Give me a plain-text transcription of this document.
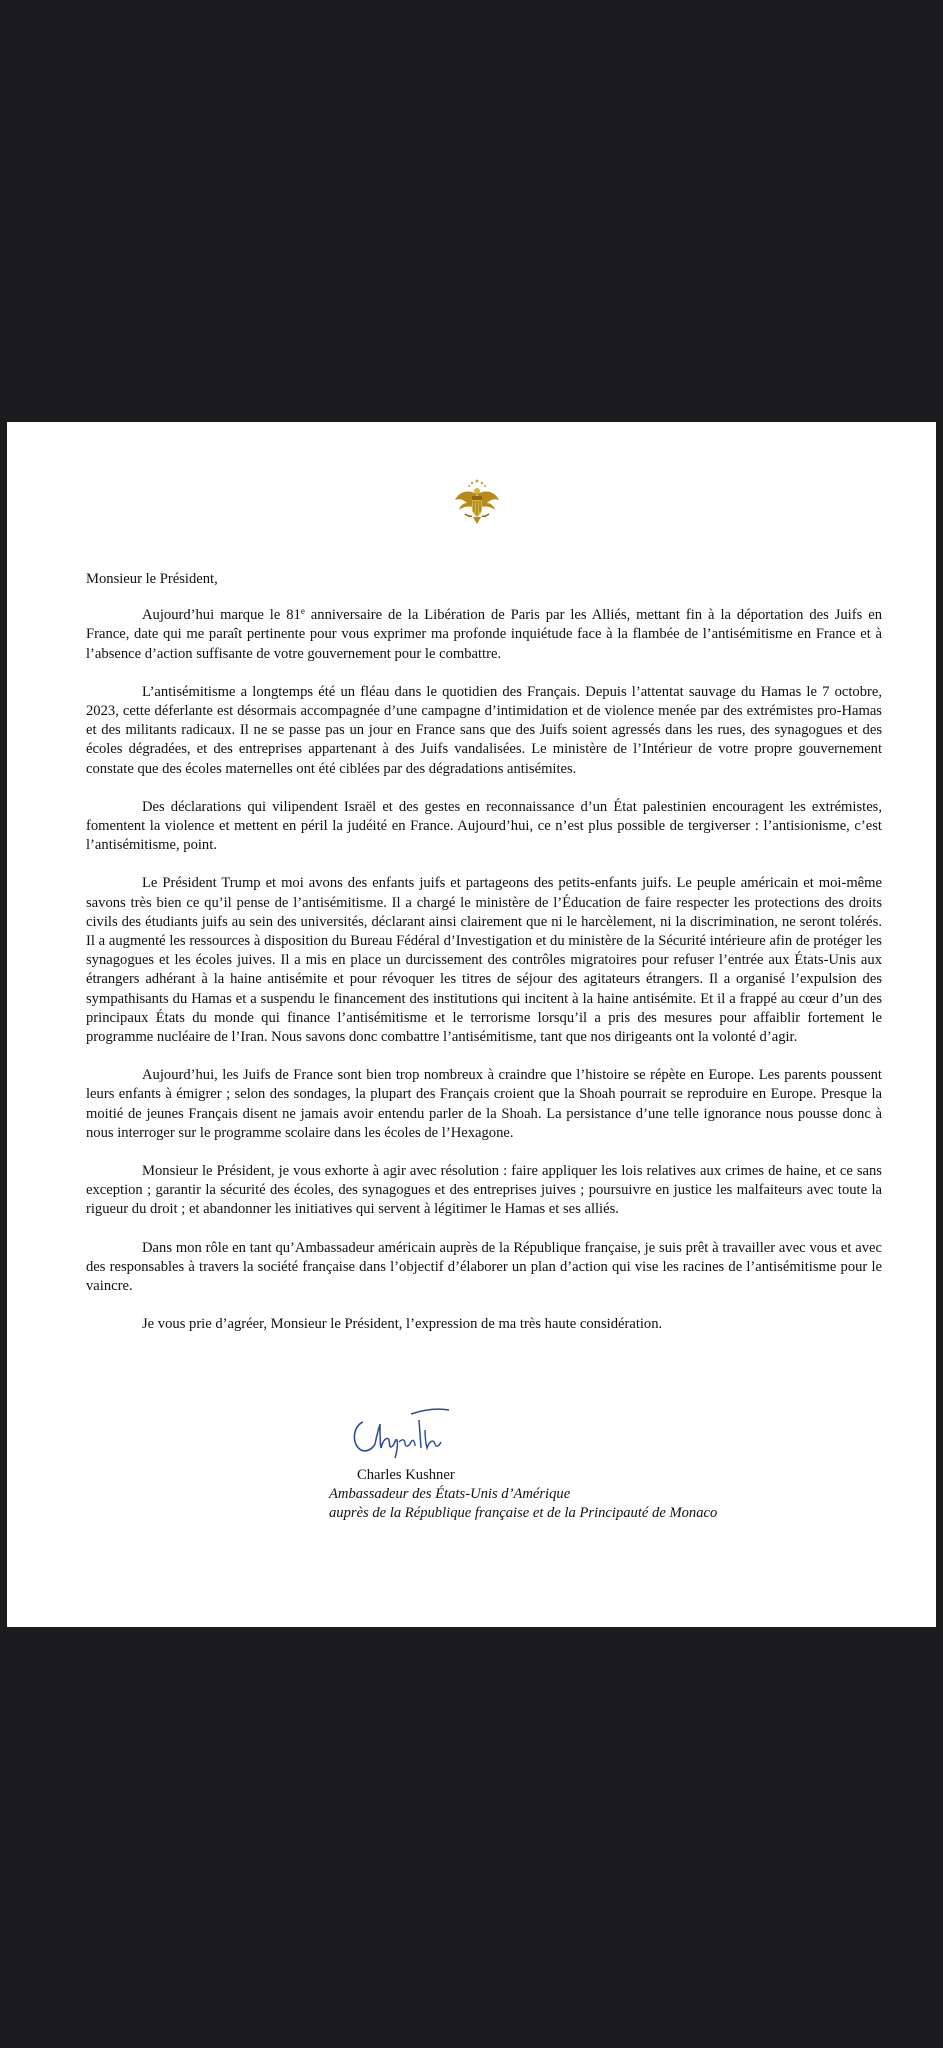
Monsieur le Président,

Aujourd’hui marque le 81e anniversaire de la Libération de Paris par les Alliés, mettant fin à la déportation des Juifs en France, date qui me paraît pertinente pour vous exprimer ma profonde inquiétude face à la flambée de l’antisémitisme en France et à l’absence d’action suffisante de votre gouvernement pour le combattre.

L’antisémitisme a longtemps été un fléau dans le quotidien des Français. Depuis l’attentat sauvage du Hamas le 7 octobre, 2023, cette déferlante est désormais accompagnée d’une campagne d’intimidation et de violence menée par des extrémistes pro-Hamas et des militants radicaux. Il ne se passe pas un jour en France sans que des Juifs soient agressés dans les rues, des synagogues et des écoles dégradées, et des entreprises appartenant à des Juifs vandalisées. Le ministère de l’Intérieur de votre propre gouvernement constate que des écoles maternelles ont été ciblées par des dégradations antisémites.

Des déclarations qui vilipendent Israël et des gestes en reconnaissance d’un État palestinien encouragent les extrémistes, fomentent la violence et mettent en péril la judéité en France. Aujourd’hui, ce n’est plus possible de tergiverser : l’antisionisme, c’est l’antisémitisme, point.

Le Président Trump et moi avons des enfants juifs et partageons des petits-enfants juifs. Le peuple américain et moi-même savons très bien ce qu’il pense de l’antisémitisme. Il a chargé le ministère de l’Éducation de faire respecter les protections des droits civils des étudiants juifs au sein des universités, déclarant ainsi clairement que ni le harcèlement, ni la discrimination, ne seront tolérés. Il a augmenté les ressources à disposition du Bureau Fédéral d’Investigation et du ministère de la Sécurité intérieure afin de protéger les synagogues et les écoles juives. Il a mis en place un durcissement des contrôles migratoires pour refuser l’entrée aux États-Unis aux étrangers adhérant à la haine antisémite et pour révoquer les titres de séjour des agitateurs étrangers. Il a organisé l’expulsion des sympathisants du Hamas et a suspendu le financement des institutions qui incitent à la haine antisémite. Et il a frappé au cœur d’un des principaux États du monde qui finance l’antisémitisme et le terrorisme lorsqu’il a pris des mesures pour affaiblir fortement le programme nucléaire de l’Iran. Nous savons donc combattre l’antisémitisme, tant que nos dirigeants ont la volonté d’agir.

Aujourd’hui, les Juifs de France sont bien trop nombreux à craindre que l’histoire se répète en Europe. Les parents poussent leurs enfants à émigrer ; selon des sondages, la plupart des Français croient que la Shoah pourrait se reproduire en Europe. Presque la moitié de jeunes Français disent ne jamais avoir entendu parler de la Shoah. La persistance d’une telle ignorance nous pousse donc à nous interroger sur le programme scolaire dans les écoles de l’Hexagone.

Monsieur le Président, je vous exhorte à agir avec résolution : faire appliquer les lois relatives aux crimes de haine, et ce sans exception ; garantir la sécurité des écoles, des synagogues et des entreprises juives ; poursuivre en justice les malfaiteurs avec toute la rigueur du droit ; et abandonner les initiatives qui servent à légitimer le Hamas et ses alliés.

Dans mon rôle en tant qu’Ambassadeur américain auprès de la République française, je suis prêt à travailler avec vous et avec des responsables à travers la société française dans l’objectif d’élaborer un plan d’action qui vise les racines de l’antisémitisme pour le vaincre.

Je vous prie d’agréer, Monsieur le Président, l’expression de ma très haute considération.

Charles Kushner
Ambassadeur des États-Unis d’Amérique
auprès de la République française et de la Principauté de Monaco
